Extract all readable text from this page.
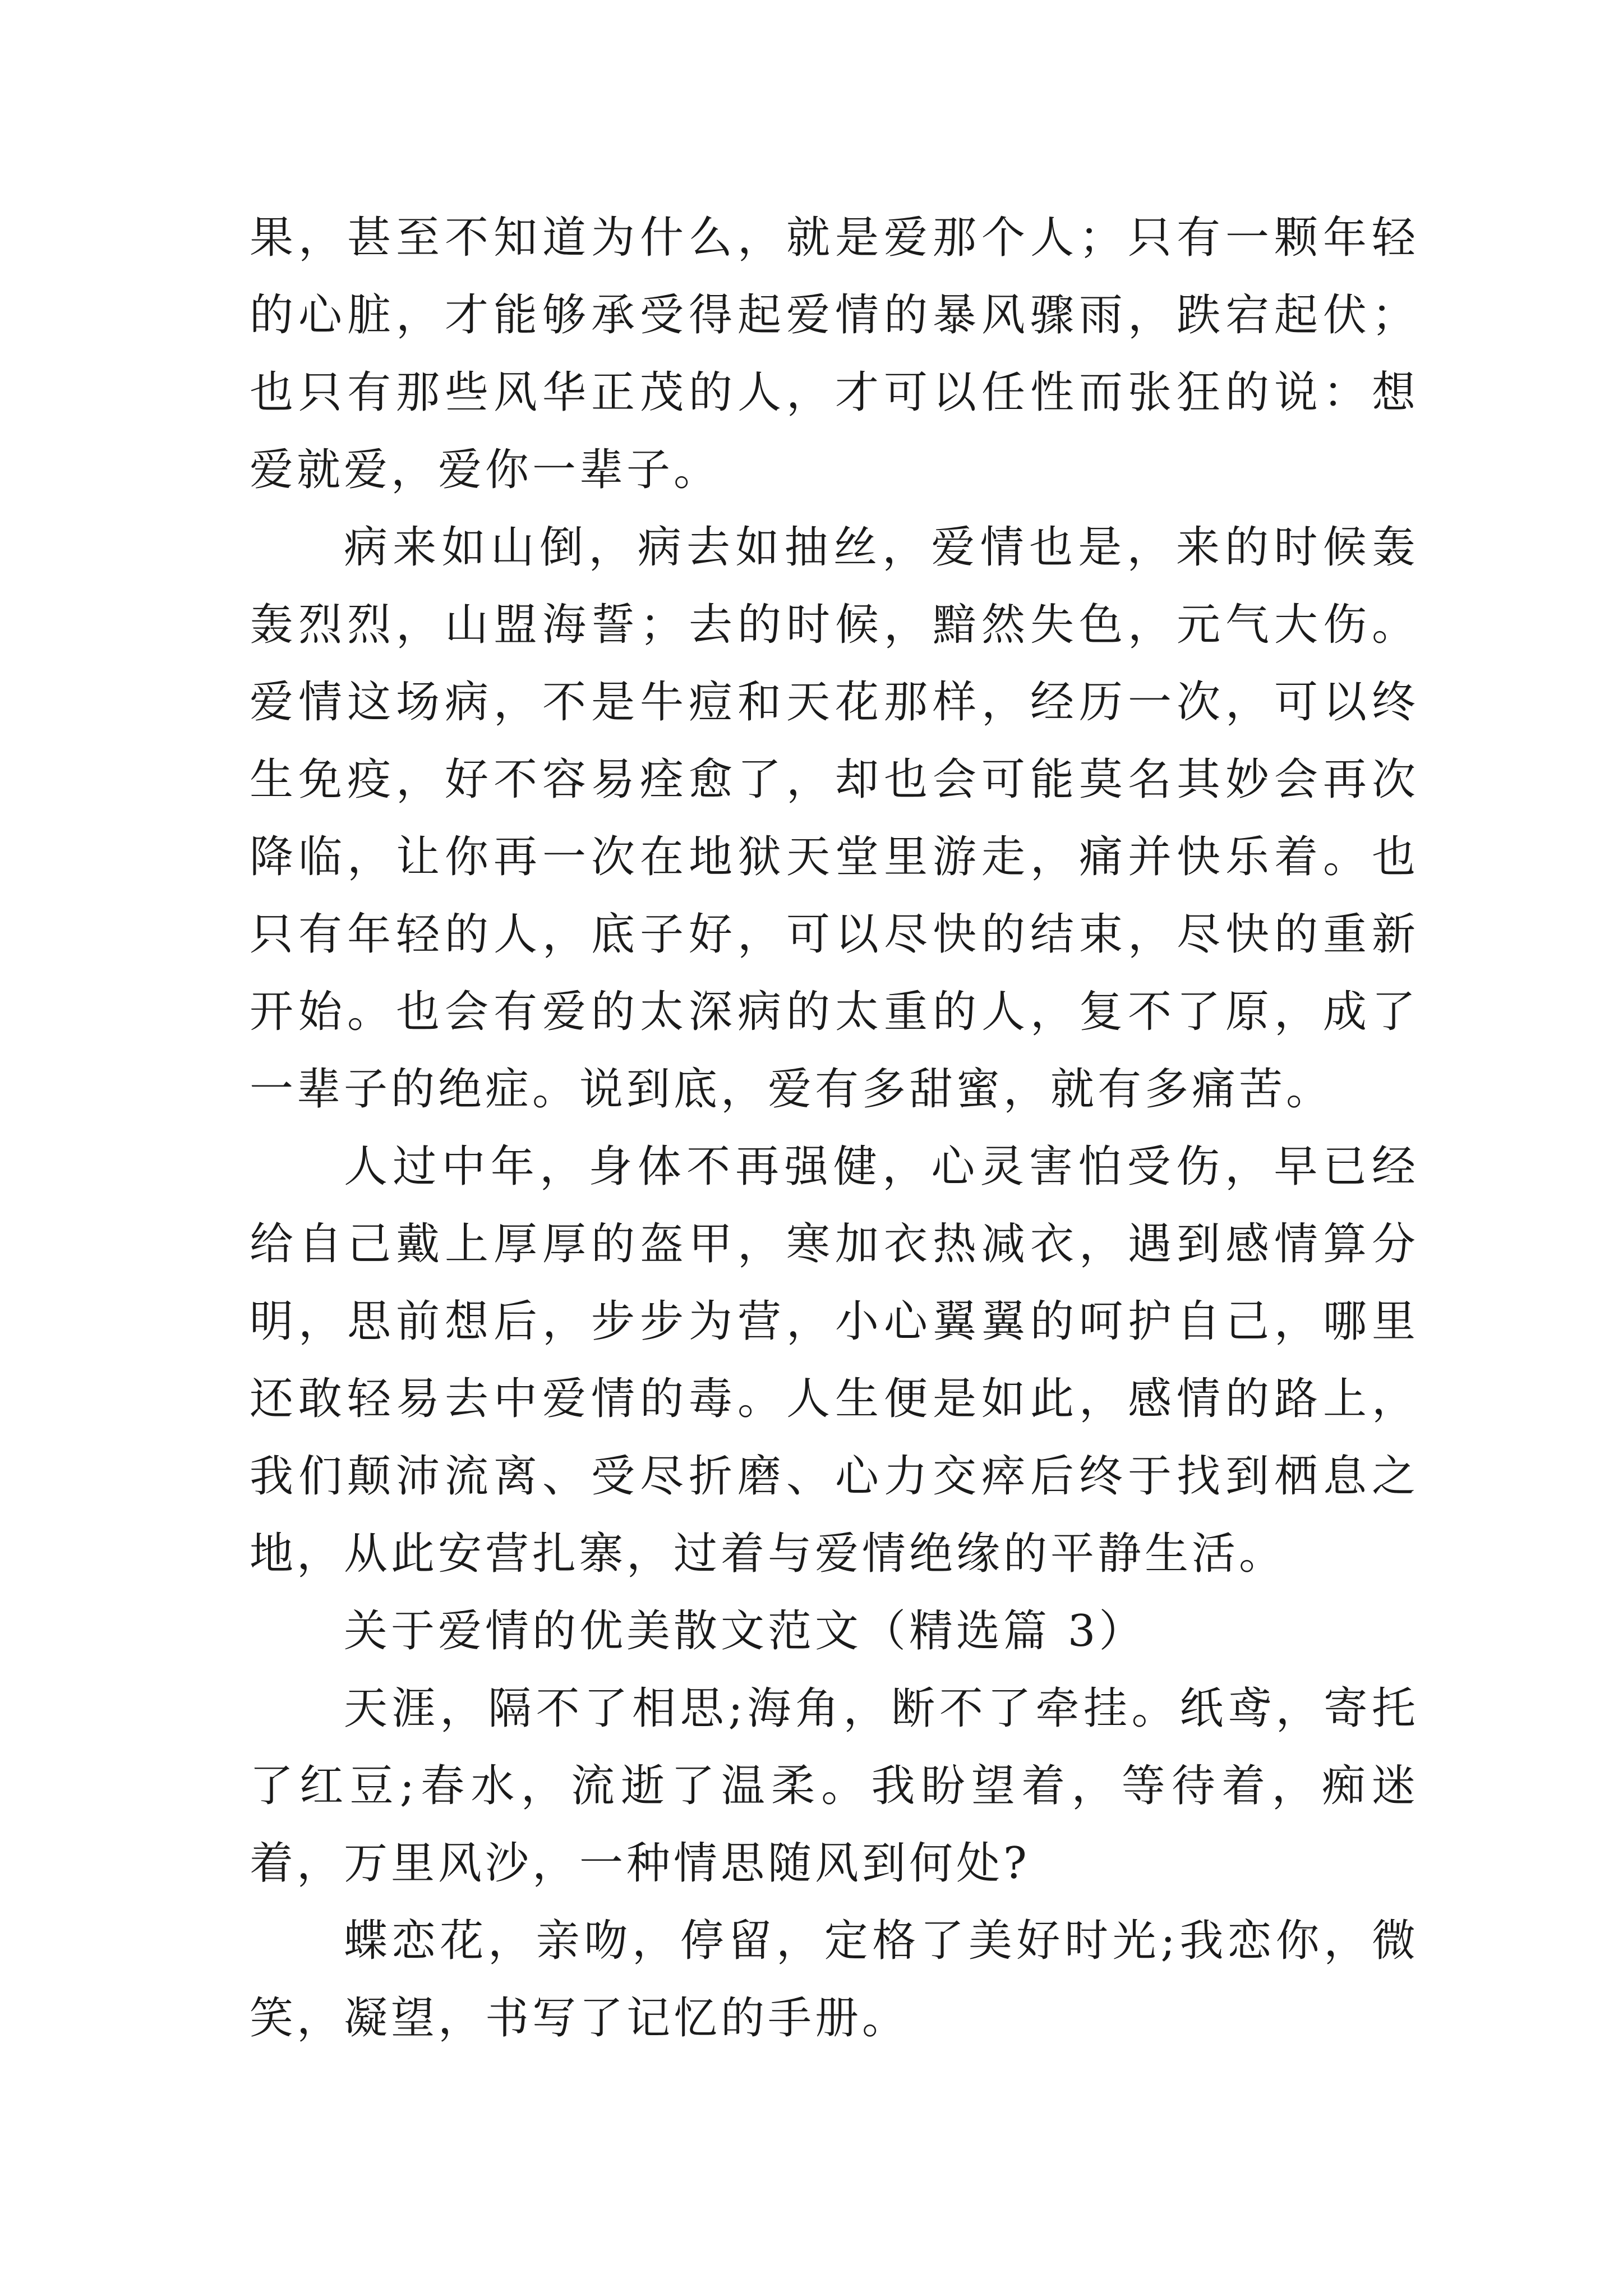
果，甚至不知道为什么，就是爱那个人；只有一颗年轻的心脏，才能够承受得起爱情的暴风骤雨，跌宕起伏；也只有那些风华正茂的人，才可以任性而张狂的说：想爱就爱，爱你一辈子。

病来如山倒，病去如抽丝，爱情也是，来的时候轰轰烈烈，山盟海誓；去的时候，黯然失色，元气大伤。爱情这场病，不是牛痘和天花那样，经历一次，可以终生免疫，好不容易痊愈了，却也会可能莫名其妙会再次降临，让你再一次在地狱天堂里游走，痛并快乐着。也只有年轻的人，底子好，可以尽快的结束，尽快的重新开始。也会有爱的太深病的太重的人，复不了原，成了一辈子的绝症。说到底，爱有多甜蜜，就有多痛苦。

人过中年，身体不再强健，心灵害怕受伤，早已经给自己戴上厚厚的盔甲，寒加衣热减衣，遇到感情算分明，思前想后，步步为营，小心翼翼的呵护自己，哪里还敢轻易去中爱情的毒。人生便是如此，感情的路上，我们颠沛流离、受尽折磨、心力交瘁后终于找到栖息之地，从此安营扎寨，过着与爱情绝缘的平静生活。

关于爱情的优美散文范文（精选篇 3）

天涯，隔不了相思;海角，断不了牵挂。纸鸢，寄托了红豆;春水，流逝了温柔。我盼望着，等待着，痴迷着，万里风沙，一种情思随风到何处?

蝶恋花，亲吻，停留，定格了美好时光;我恋你，微笑，凝望，书写了记忆的手册。
